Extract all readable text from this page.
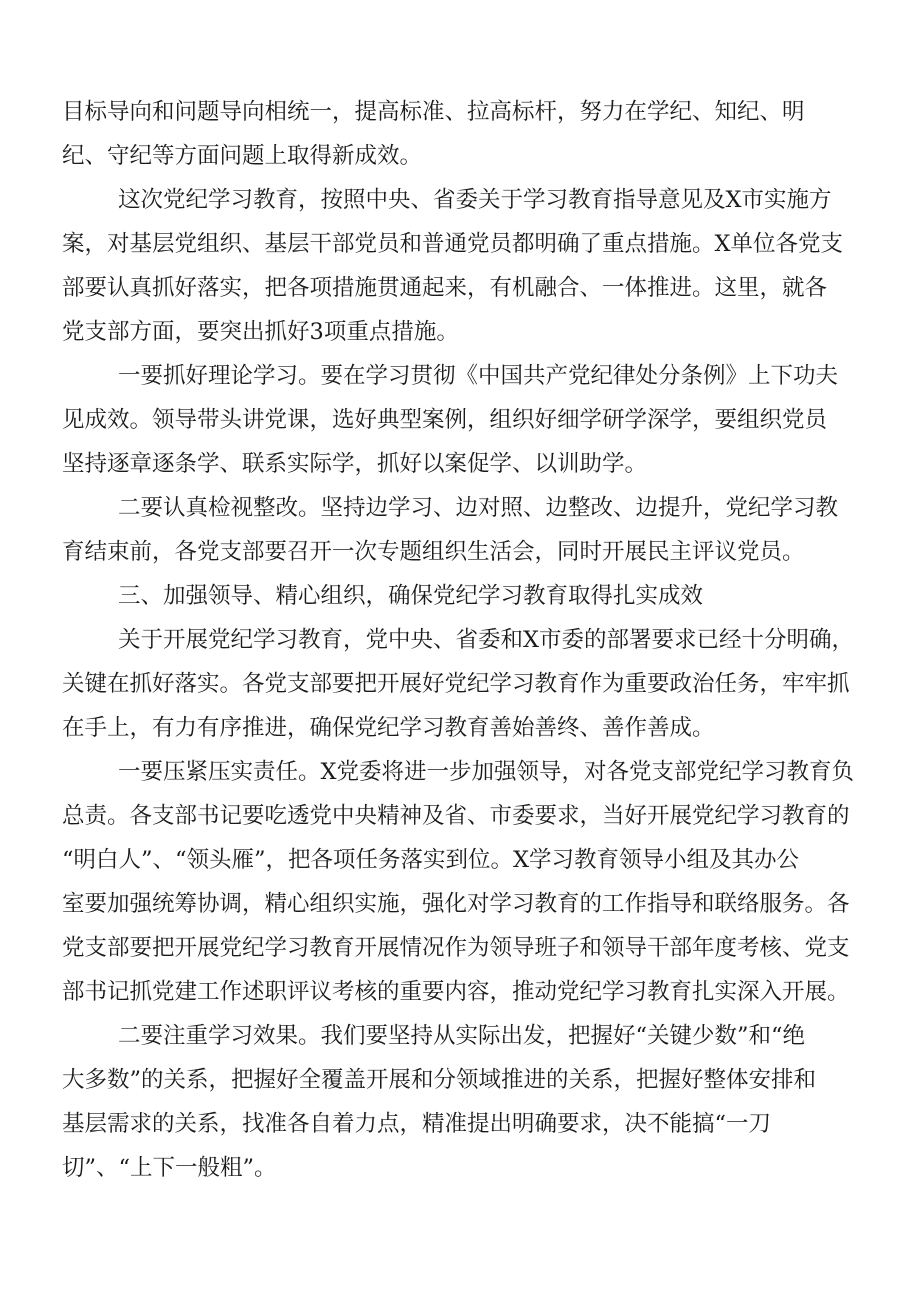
目标导向和问题导向相统一，提高标准、拉高标杆，努力在学纪、知纪、明
纪、守纪等方面问题上取得新成效。
这次党纪学习教育，按照中央、省委关于学习教育指导意见及X市实施方
案，对基层党组织、基层干部党员和普通党员都明确了重点措施。X单位各党支
部要认真抓好落实，把各项措施贯通起来，有机融合、一体推进。这里，就各
党支部方面，要突出抓好3项重点措施。
一要抓好理论学习。要在学习贯彻《中国共产党纪律处分条例》上下功夫
见成效。领导带头讲党课，选好典型案例，组织好细学研学深学，要组织党员
坚持逐章逐条学、联系实际学，抓好以案促学、以训助学。
二要认真检视整改。坚持边学习、边对照、边整改、边提升，党纪学习教
育结束前，各党支部要召开一次专题组织生活会，同时开展民主评议党员。
三、加强领导、精心组织，确保党纪学习教育取得扎实成效
关于开展党纪学习教育，党中央、省委和X市委的部署要求已经十分明确，
关键在抓好落实。各党支部要把开展好党纪学习教育作为重要政治任务，牢牢抓
在手上，有力有序推进，确保党纪学习教育善始善终、善作善成。
一要压紧压实责任。X党委将进一步加强领导，对各党支部党纪学习教育负
总责。各支部书记要吃透党中央精神及省、市委要求，当好开展党纪学习教育的
“明白人”、“领头雁”，把各项任务落实到位。X学习教育领导小组及其办公
室要加强统筹协调，精心组织实施，强化对学习教育的工作指导和联络服务。各
党支部要把开展党纪学习教育开展情况作为领导班子和领导干部年度考核、党支
部书记抓党建工作述职评议考核的重要内容，推动党纪学习教育扎实深入开展。
二要注重学习效果。我们要坚持从实际出发，把握好“关键少数”和“绝
大多数”的关系，把握好全覆盖开展和分领域推进的关系，把握好整体安排和
基层需求的关系，找准各自着力点，精准提出明确要求，决不能搞“一刀
切”、“上下一般粗”。
